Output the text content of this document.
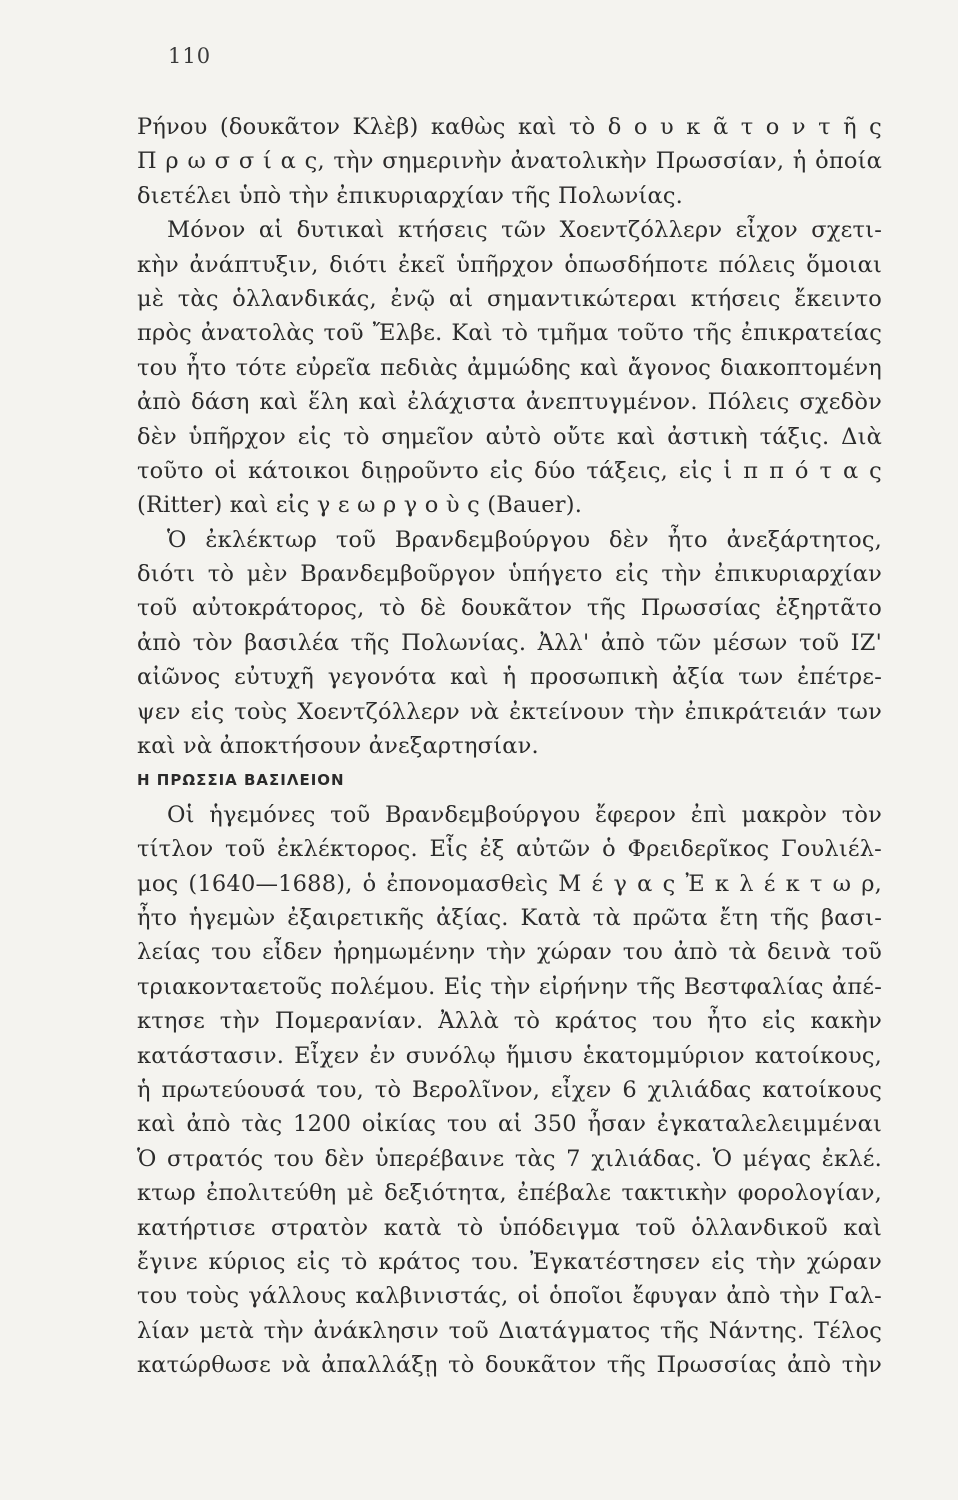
110
Ρήνου (δουκᾶτον Κλὲβ) καθὼς καὶ τὸ δ ο υ κ ᾶ τ ο ν τ ῆ ς
Π ρ ω σ σ ί α ς, τὴν σημερινὴν ἀνατολικὴν Πρωσσίαν, ἡ ὁποία
διετέλει ὑπὸ τὴν ἐπικυριαρχίαν τῆς Πολωνίας.
Μόνον αἱ δυτικαὶ κτήσεις τῶν Χοεντζόλλερν εἶχον σχετι-
κὴν ἀνάπτυξιν, διότι ἐκεῖ ὑπῆρχον ὁπωσδήποτε πόλεις ὅμοιαι
μὲ τὰς ὁλλανδικάς, ἐνῷ αἱ σημαντικώτεραι κτήσεις ἔκειντο
πρὸς ἀνατολὰς τοῦ Ἔλβε. Καὶ τὸ τμῆμα τοῦτο τῆς ἐπικρατείας
του ἦτο τότε εὐρεῖα πεδιὰς ἀμμώδης καὶ ἄγονος διακοπτομένη
ἀπὸ δάση καὶ ἕλη καὶ ἐλάχιστα ἀνεπτυγμένον. Πόλεις σχεδὸν
δὲν ὑπῆρχον εἰς τὸ σημεῖον αὐτὸ οὔτε καὶ ἀστικὴ τάξις. Διὰ
τοῦτο οἱ κάτοικοι διῃροῦντο εἰς δύο τάξεις, εἰς ἱ π π ό τ α ς
(Ritter) καὶ εἰς γ ε ω ρ γ ο ὺ ς (Bauer).
Ὁ ἐκλέκτωρ τοῦ Βρανδεμβούργου δὲν ἦτο ἀνεξάρτητος,
διότι τὸ μὲν Βρανδεμβοῦργον ὑπήγετο εἰς τὴν ἐπικυριαρχίαν
τοῦ αὐτοκράτορος, τὸ δὲ δουκᾶτον τῆς Πρωσσίας ἐξηρτᾶτο
ἀπὸ τὸν βασιλέα τῆς Πολωνίας. Ἀλλ' ἀπὸ τῶν μέσων τοῦ ΙΖ'
αἰῶνος εὐτυχῆ γεγονότα καὶ ἡ προσωπικὴ ἀξία των ἐπέτρε-
ψεν εἰς τοὺς Χοεντζόλλερν νὰ ἐκτείνουν τὴν ἐπικράτειάν των
καὶ νὰ ἀποκτήσουν ἀνεξαρτησίαν.
Η ΠΡΩΣΣΙΑ ΒΑΣΙΛΕΙΟΝ
Οἱ ἡγεμόνες τοῦ Βρανδεμβούργου ἔφερον ἐπὶ μακρὸν τὸν
τίτλον τοῦ ἐκλέκτορος. Εἷς ἐξ αὐτῶν ὁ Φρειδερῖκος Γουλιέλ-
μος (1640—1688), ὁ ἐπονομασθεὶς Μ έ γ α ς Ἐ κ λ έ κ τ ω ρ,
ἦτο ἡγεμὼν ἐξαιρετικῆς ἀξίας. Κατὰ τὰ πρῶτα ἔτη τῆς βασι-
λείας του εἶδεν ἠρημωμένην τὴν χώραν του ἀπὸ τὰ δεινὰ τοῦ
τριακονταετοῦς πολέμου. Εἰς τὴν εἰρήνην τῆς Βεστφαλίας ἀπέ-
κτησε τὴν Πομερανίαν. Ἀλλὰ τὸ κράτος του ἦτο εἰς κακὴν
κατάστασιν. Εἶχεν ἐν συνόλῳ ἥμισυ ἑκατομμύριον κατοίκους,
ἡ πρωτεύουσά του, τὸ Βερολῖνον, εἶχεν 6 χιλιάδας κατοίκους
καὶ ἀπὸ τὰς 1200 οἰκίας του αἱ 350 ἦσαν ἐγκαταλελειμμέναι
Ὁ στρατός του δὲν ὑπερέβαινε τὰς 7 χιλιάδας. Ὁ μέγας ἐκλέ.
κτωρ ἐπολιτεύθη μὲ δεξιότητα, ἐπέβαλε τακτικὴν φορολογίαν,
κατήρτισε στρατὸν κατὰ τὸ ὑπόδειγμα τοῦ ὁλλανδικοῦ καὶ
ἔγινε κύριος εἰς τὸ κράτος του. Ἐγκατέστησεν εἰς τὴν χώραν
του τοὺς γάλλους καλβινιστάς, οἱ ὁποῖοι ἔφυγαν ἀπὸ τὴν Γαλ-
λίαν μετὰ τὴν ἀνάκλησιν τοῦ Διατάγματος τῆς Νάντης. Τέλος
κατώρθωσε νὰ ἀπαλλάξῃ τὸ δουκᾶτον τῆς Πρωσσίας ἀπὸ τὴν
